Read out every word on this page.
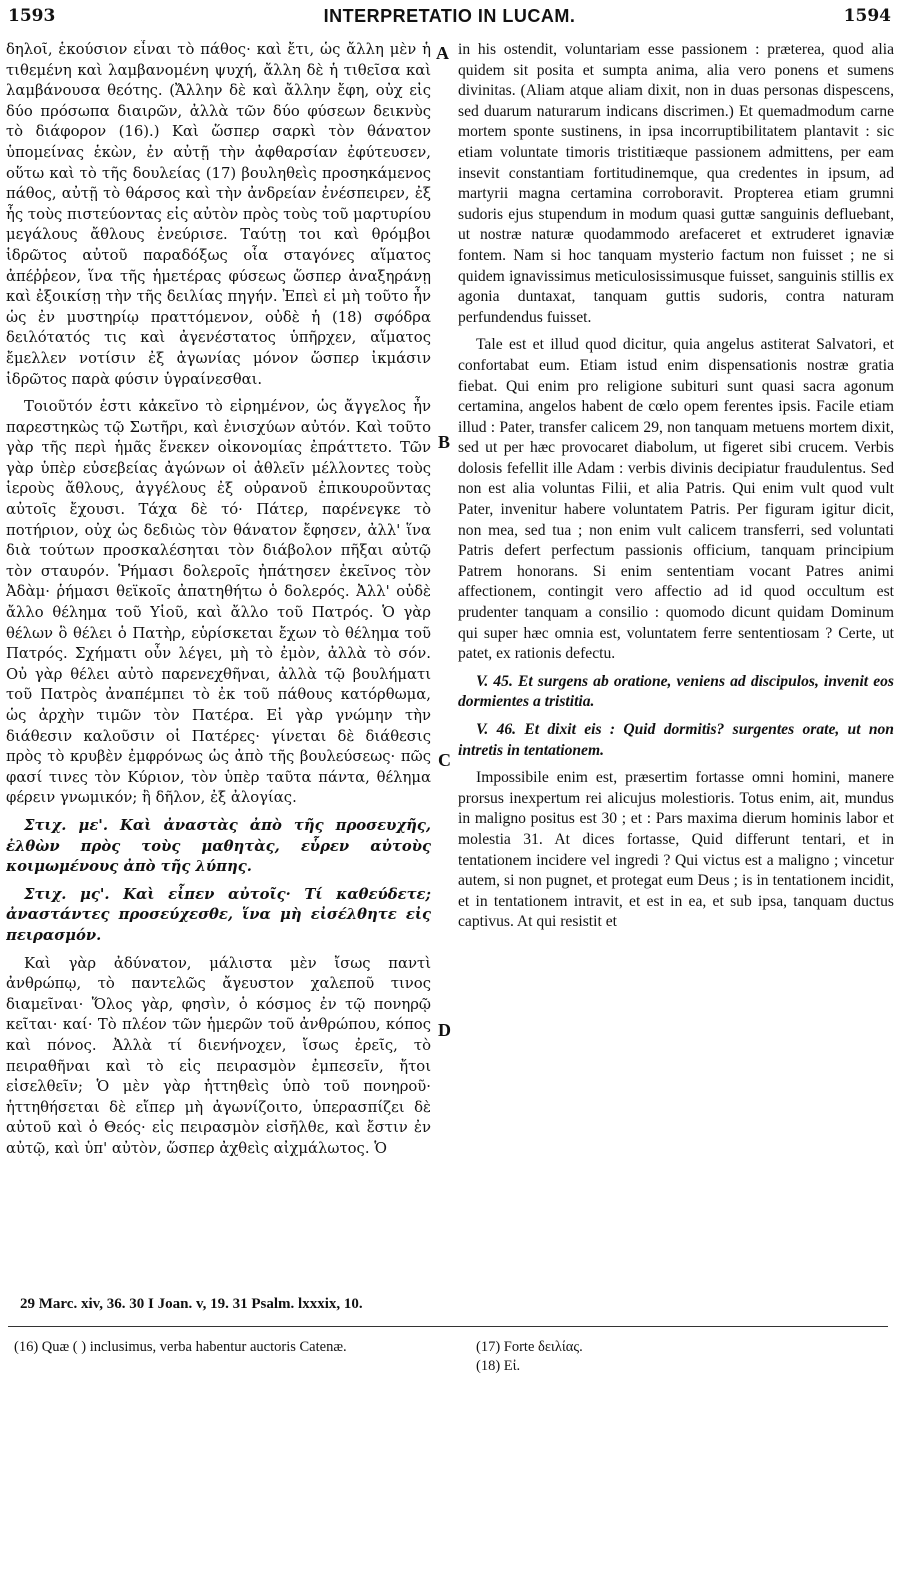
1593	INTERPRETATIO IN LUCAM.	1594

δηλοῖ, ἑκούσιον εἶναι τὸ πάθος· καὶ ἔτι, ὡς ἄλλη μὲν ἡ τιθεμένη καὶ λαμβανομένη ψυχή, ἄλλη δὲ ἡ τιθεῖσα καὶ λαμβάνουσα θεότης. (Ἄλλην δὲ καὶ ἄλλην ἔφη, οὐχ εἰς δύο πρόσωπα διαιρῶν, ἀλλὰ τῶν δύο φύσεων δεικνὺς τὸ διάφορον (16).) Καὶ ὥσπερ σαρκὶ τὸν θάνατον ὑπομείνας ἑκὼν, ἐν αὐτῇ τὴν ἀφθαρσίαν ἐφύτευσεν, οὕτω καὶ τὸ τῆς δουλείας (17) βουληθεὶς προσηκάμενος πάθος, αὐτῇ τὸ θάρσος καὶ τὴν ἀνδρείαν ἐνέσπειρεν, ἐξ ἧς τοὺς πιστεύοντας εἰς αὐτὸν πρὸς τοὺς τοῦ μαρτυρίου μεγάλους ἄθλους ἐνεύρισε. Ταύτῃ τοι καὶ θρόμβοι ἱδρῶτος αὐτοῦ παραδόξως οἷα σταγόνες αἵματος ἀπέῤῥεον, ἵνα τῆς ἡμετέρας φύσεως ὥσπερ ἀναξηράνῃ καὶ ἐξοικίσῃ τὴν τῆς δειλίας πηγήν. Ἐπεὶ εἰ μὴ τοῦτο ἦν ὡς ἐν μυστηρίῳ πραττόμενον, οὐδὲ ἡ (18) σφόδρα δειλότατός τις καὶ ἀγενέστατος ὑπῆρχεν, αἵματος ἔμελλεν νοτίσιν ἐξ ἀγωνίας μόνον ὥσπερ ἰκμάσιν ἱδρῶτος παρὰ φύσιν ὑγραίνεσθαι.

Τοιοῦτόν ἐστι κἀκεῖνο τὸ εἰρημένον, ὡς ἄγγελος ἦν παρεστηκὼς τῷ Σωτῆρι, καὶ ἐνισχύων αὐτόν. Καὶ τοῦτο γὰρ τῆς περὶ ἡμᾶς ἕνεκεν οἰκονομίας ἐπράττετο. Τῶν γὰρ ὑπὲρ εὐσεβείας ἀγώνων οἱ ἀθλεῖν μέλλοντες τοὺς ἱεροὺς ἄθλους, ἀγγέλους ἐξ οὐρανοῦ ἐπικουροῦντας αὐτοῖς ἔχουσι. Τάχα δὲ τό· Πάτερ, παρένεγκε τὸ ποτήριον, οὐχ ὡς δεδιὼς τὸν θάνατον ἔφησεν, ἀλλ' ἵνα διὰ τούτων προσκαλέσηται τὸν διάβολον πῆξαι αὐτῷ τὸν σταυρόν. Ῥήμασι δολεροῖς ἠπάτησεν ἐκεῖνος τὸν Ἀδὰμ· ῥήμασι θεϊκοῖς ἀπατηθήτω ὁ δολερός. Ἀλλ' οὐδὲ ἄλλο θέλημα τοῦ Υἱοῦ, καὶ ἄλλο τοῦ Πατρός. Ὁ γὰρ θέλων ὃ θέλει ὁ Πατὴρ, εὑρίσκεται ἔχων τὸ θέλημα τοῦ Πατρός. Σχήματι οὖν λέγει, μὴ τὸ ἐμὸν, ἀλλὰ τὸ σόν. Οὐ γὰρ θέλει αὐτὸ παρενεχθῆναι, ἀλλὰ τῷ βουλήματι τοῦ Πατρὸς ἀναπέμπει τὸ ἐκ τοῦ πάθους κατόρθωμα, ὡς ἀρχὴν τιμῶν τὸν Πατέρα. Εἰ γὰρ γνώμην τὴν διάθεσιν καλοῦσιν οἱ Πατέρες· γίνεται δὲ διάθεσις πρὸς τὸ κρυβὲν ἐμφρόνως ὡς ἀπὸ τῆς βουλεύσεως· πῶς φασί τινες τὸν Κύριον, τὸν ὑπὲρ ταῦτα πάντα, θέλημα φέρειν γνωμικόν; ἢ δῆλον, ἐξ ἀλογίας.

Στιχ. με'. Καὶ ἀναστὰς ἀπὸ τῆς προσευχῆς, ἐλθὼν πρὸς τοὺς μαθητὰς, εὗρεν αὐτοὺς κοιμωμένους ἀπὸ τῆς λύπης.

Στιχ. μς'. Καὶ εἶπεν αὐτοῖς· Τί καθεύδετε; ἀναστάντες προσεύχεσθε, ἵνα μὴ εἰσέλθητε εἰς πειρασμόν.

Καὶ γὰρ ἀδύνατον, μάλιστα μὲν ἴσως παντὶ ἀνθρώπῳ, τὸ παντελῶς ἄγευστον χαλεποῦ τινος διαμεῖναι· Ὅλος γὰρ, φησὶν, ὁ κόσμος ἐν τῷ πονηρῷ κεῖται· καί· Τὸ πλέον τῶν ἡμερῶν τοῦ ἀνθρώπου, κόπος καὶ πόνος. Ἀλλὰ τί διενήνοχεν, ἴσως ἐρεῖς, τὸ πειραθῆναι καὶ τὸ εἰς πειρασμὸν ἐμπεσεῖν, ἤτοι εἰσελθεῖν; Ὁ μὲν γὰρ ἡττηθεὶς ὑπὸ τοῦ πονηροῦ· ἡττηθήσεται δὲ εἴπερ μὴ ἀγωνίζοιτο, ὑπερασπίζει δὲ αὐτοῦ καὶ ὁ Θεός· εἰς πειρασμὸν εἰσῆλθε, καὶ ἔστιν ἐν αὐτῷ, καὶ ὑπ' αὐτὸν, ὥσπερ ἀχθεὶς αἰχμάλωτος. Ὁ

A
B
C
D

in his ostendit, voluntariam esse passionem : præterea, quod alia quidem sit posita et sumpta anima, alia vero ponens et sumens divinitas. (Aliam atque aliam dixit, non in duas personas dispescens, sed duarum naturarum indicans discrimen.) Et quemadmodum carne mortem sponte sustinens, in ipsa incorruptibilitatem plantavit : sic etiam voluntate timoris tristitiæque passionem admittens, per eam insevit constantiam fortitudinemque, qua credentes in ipsum, ad martyrii magna certamina corroboravit. Propterea etiam grumni sudoris ejus stupendum in modum quasi guttæ sanguinis defluebant, ut nostræ naturæ quodammodo arefaceret et extruderet ignaviæ fontem. Nam si hoc tanquam mysterio factum non fuisset ; ne si quidem ignavissimus meticulosissimusque fuisset, sanguinis stillis ex agonia duntaxat, tanquam guttis sudoris, contra naturam perfundendus fuisset.

Tale est et illud quod dicitur, quia angelus astiterat Salvatori, et confortabat eum. Etiam istud enim dispensationis nostræ gratia fiebat. Qui enim pro religione subituri sunt quasi sacra agonum certamina, angelos habent de cœlo opem ferentes ipsis. Facile etiam illud : Pater, transfer calicem 29, non tanquam metuens mortem dixit, sed ut per hæc provocaret diabolum, ut figeret sibi crucem. Verbis dolosis fefellit ille Adam : verbis divinis decipiatur fraudulentus. Sed non est alia voluntas Filii, et alia Patris. Qui enim vult quod vult Pater, invenitur habere voluntatem Patris. Per figuram igitur dicit, non mea, sed tua ; non enim vult calicem transferri, sed voluntati Patris defert perfectum passionis officium, tanquam principium Patrem honorans. Si enim sententiam vocant Patres animi affectionem, contingit vero affectio ad id quod occultum est prudenter tanquam a consilio : quomodo dicunt quidam Dominum qui super hæc omnia est, voluntatem ferre sententiosam ? Certe, ut patet, ex rationis defectu.

V. 45. Et surgens ab oratione, veniens ad discipulos, invenit eos dormientes a tristitia.

V. 46. Et dixit eis : Quid dormitis? surgentes orate, ut non intretis in tentationem.

Impossibile enim est, præsertim fortasse omni homini, manere prorsus inexpertum rei alicujus molestioris. Totus enim, ait, mundus in maligno positus est 30 ; et : Pars maxima dierum hominis labor et molestia 31. At dices fortasse, Quid differunt tentari, et in tentationem incidere vel ingredi ? Qui victus est a maligno ; vincetur autem, si non pugnet, et protegat eum Deus ; is in tentationem incidit, et in tentationem intravit, et est in ea, et sub ipsa, tanquam ductus captivus. At qui resistit et

29 Marc. xiv, 36. 30 I Joan. v, 19. 31 Psalm. lxxxix, 10.
(16) Quæ ( ) inclusimus, verba habentur auctoris Catenæ.	(17) Forte δειλίας.
(18) Εἰ.
